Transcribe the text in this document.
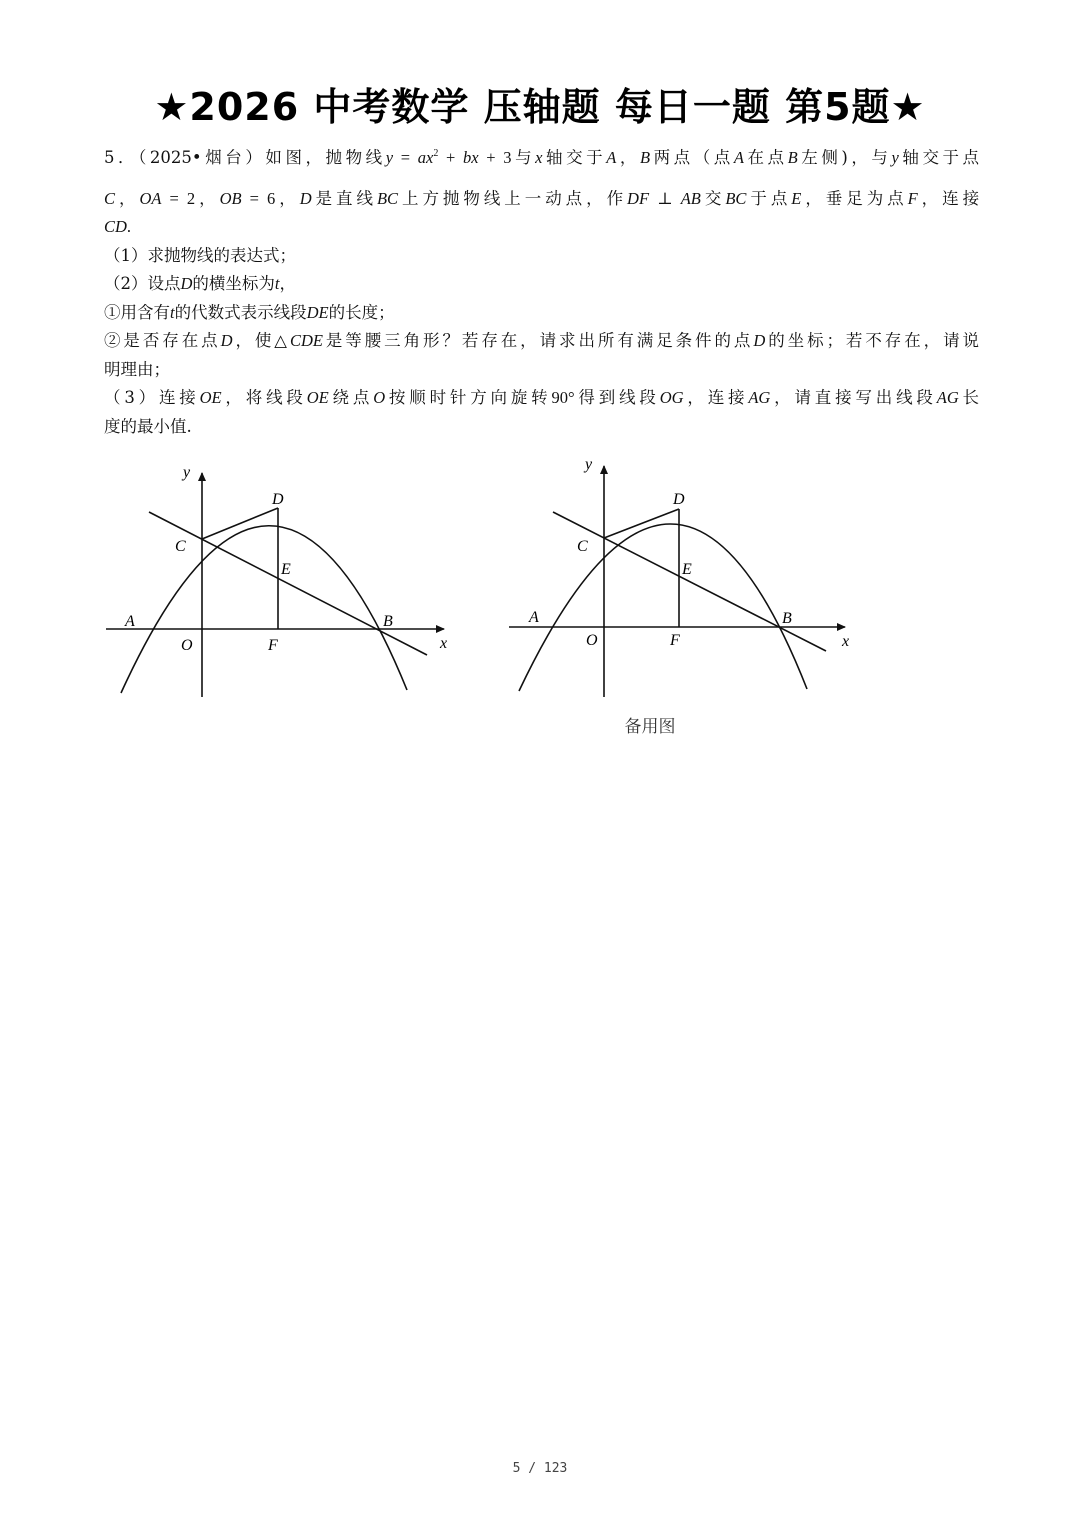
★2026 中考数学 压轴题 每日一题 第5题★
5．（2025•烟台）如图，抛物线$y = ax^2$ + bx + 3与x轴交于A，B两点（点A在点B左侧)，与y轴交于点
C，OA = 2，OB = 6，D是直线BC上方抛物线上一动点，作DF ⊥ AB交BC于点E，垂足为点F，连接
CD.
（1）求抛物线的表达式；
（2）设点D的横坐标为t，
①用含有t的代数式表示线段DE的长度；
②是否存在点D，使△CDE是等腰三角形？若存在，请求出所有满足条件的点D的坐标；若不存在，请说
明理由；
（3）连接OE，将线段OE绕点O按顺时针方向旋转90°得到线段OG，连接AG，请直接写出线段AG长
度的最小值.
y
x
D
C
E
A	B
O	F
y
x
D
C
E
A	B
O	F
备用图
5 / 123
